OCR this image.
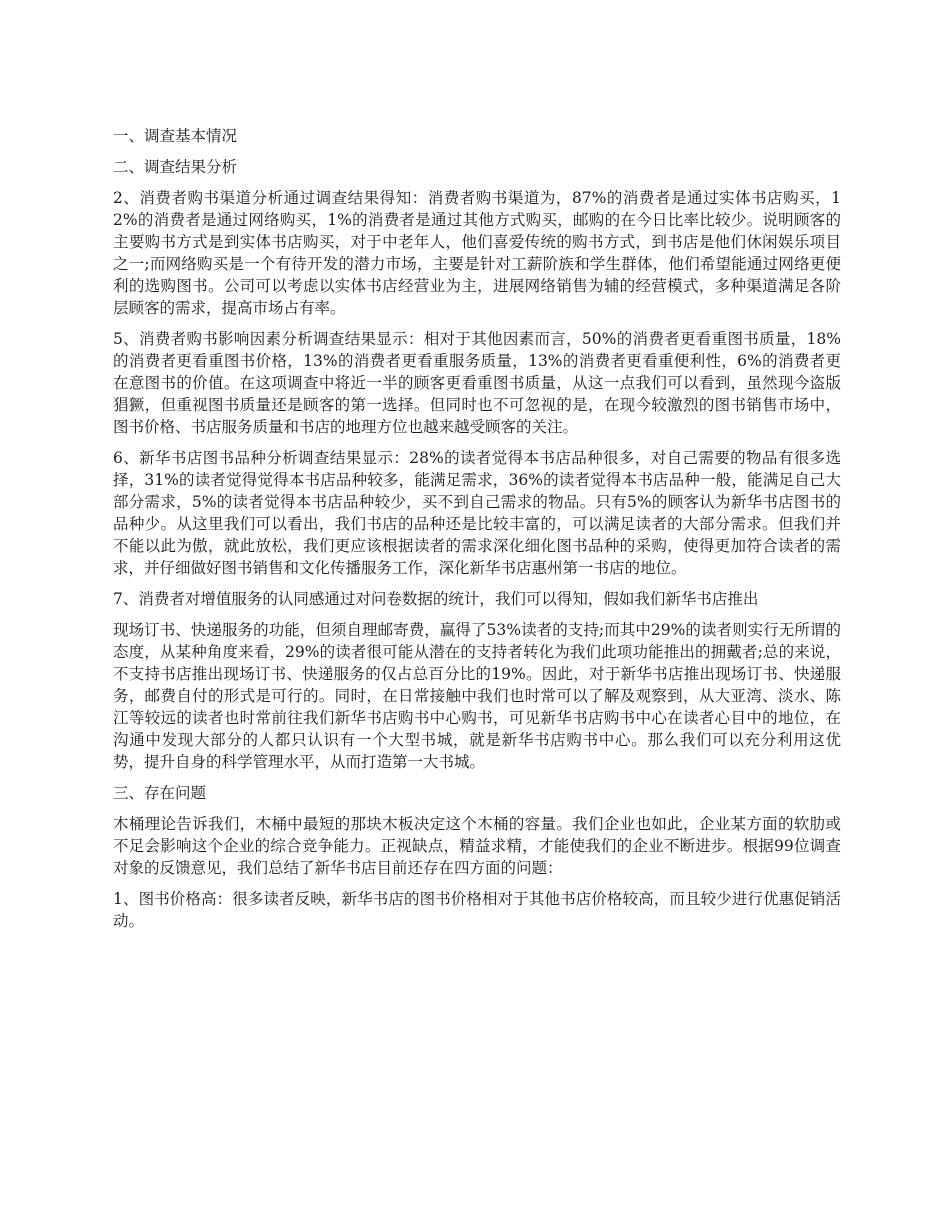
一、调查基本情况

二、调查结果分析

2、消费者购书渠道分析通过调查结果得知：消费者购书渠道为，87%的消费者是通过实体书店购买，12%的消费者是通过网络购买，1%的消费者是通过其他方式购买，邮购的在今日比率比较少。说明顾客的主要购书方式是到实体书店购买，对于中老年人，他们喜爱传统的购书方式，到书店是他们休闲娱乐项目之一;而网络购买是一个有待开发的潜力市场，主要是针对工薪阶族和学生群体，他们希望能通过网络更便利的选购图书。公司可以考虑以实体书店经营业为主，进展网络销售为辅的经营模式，多种渠道满足各阶层顾客的需求，提高市场占有率。

5、消费者购书影响因素分析调查结果显示：相对于其他因素而言，50%的消费者更看重图书质量，18%的消费者更看重图书价格，13%的消费者更看重服务质量，13%的消费者更看重便利性，6%的消费者更在意图书的价值。在这项调查中将近一半的顾客更看重图书质量，从这一点我们可以看到，虽然现今盗版猖獗，但重视图书质量还是顾客的第一选择。但同时也不可忽视的是，在现今较激烈的图书销售市场中，图书价格、书店服务质量和书店的地理方位也越来越受顾客的关注。

6、新华书店图书品种分析调查结果显示：28%的读者觉得本书店品种很多，对自己需要的物品有很多选择，31%的读者觉得觉得本书店品种较多，能满足需求，36%的读者觉得本书店品种一般，能满足自己大部分需求，5%的读者觉得本书店品种较少，买不到自己需求的物品。只有5%的顾客认为新华书店图书的品种少。从这里我们可以看出，我们书店的品种还是比较丰富的，可以满足读者的大部分需求。但我们并不能以此为傲，就此放松，我们更应该根据读者的需求深化细化图书品种的采购，使得更加符合读者的需求，并仔细做好图书销售和文化传播服务工作，深化新华书店惠州第一书店的地位。

7、消费者对增值服务的认同感通过对问卷数据的统计，我们可以得知，假如我们新华书店推出

现场订书、快递服务的功能，但须自理邮寄费，赢得了53%读者的支持;而其中29%的读者则实行无所谓的态度，从某种角度来看，29%的读者很可能从潜在的支持者转化为我们此项功能推出的拥戴者;总的来说，不支持书店推出现场订书、快递服务的仅占总百分比的19%。因此，对于新华书店推出现场订书、快递服务，邮费自付的形式是可行的。同时，在日常接触中我们也时常可以了解及观察到，从大亚湾、淡水、陈江等较远的读者也时常前往我们新华书店购书中心购书，可见新华书店购书中心在读者心目中的地位，在沟通中发现大部分的人都只认识有一个大型书城，就是新华书店购书中心。那么我们可以充分利用这优势，提升自身的科学管理水平，从而打造第一大书城。

三、存在问题

木桶理论告诉我们，木桶中最短的那块木板决定这个木桶的容量。我们企业也如此，企业某方面的软肋或不足会影响这个企业的综合竞争能力。正视缺点，精益求精，才能使我们的企业不断进步。根据99位调查对象的反馈意见，我们总结了新华书店目前还存在四方面的问题：

1、图书价格高：很多读者反映，新华书店的图书价格相对于其他书店价格较高，而且较少进行优惠促销活动。
